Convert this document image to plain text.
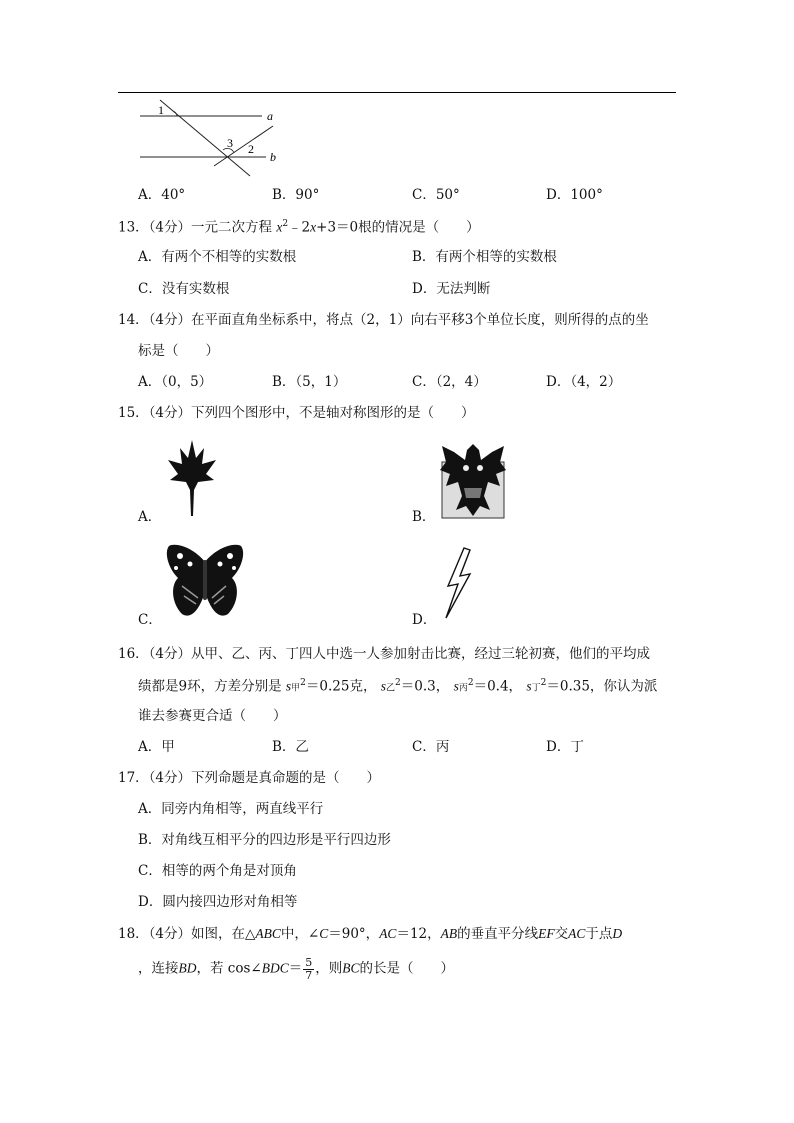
1
3 2
a
b
A．40°	B．90°	C．50°	D．100°
13．（4分）一元二次方程 $x^2﹣2x+3=0$根的情况是（　　）
A．有两个不相等的实数根	B．有两个相等的实数根
C．没有实数根	D．无法判断
14．（4分）在平面直角坐标系中，将点（2，1）向右平移3个单位长度，则所得的点的坐
标是（　　）
A．（0，5）	B．（5，1）	C．（2，4）	D．（4，2）
15．（4分）下列四个图形中，不是轴对称图形的是（　　）
A．	B．
C．	D．
16．（4分）从甲、乙、丙、丁四人中选一人参加射击比赛，经过三轮初赛，他们的平均成
绩都是9环，方差分别是 s甲$^2$＝0.25克， s乙$^2$＝0.3， s丙$^2$＝0.4， s丁$^2$＝0.35，你认为派
谁去参赛更合适（　　）
A．甲	B．乙	C．丙	D．丁
17．（4分）下列命题是真命题的是（　　）
A．同旁内角相等，两直线平行
B．对角线互相平分的四边形是平行四边形
C．相等的两个角是对顶角
D．圆内接四边形对角相等
18．（4分）如图，在△ABC中，∠C＝90°，AC＝12，AB的垂直平分线EF交AC于点D
，连接BD，若 cos∠BDC＝ $\frac{5}{7}$ ，则BC的长是（　　）
